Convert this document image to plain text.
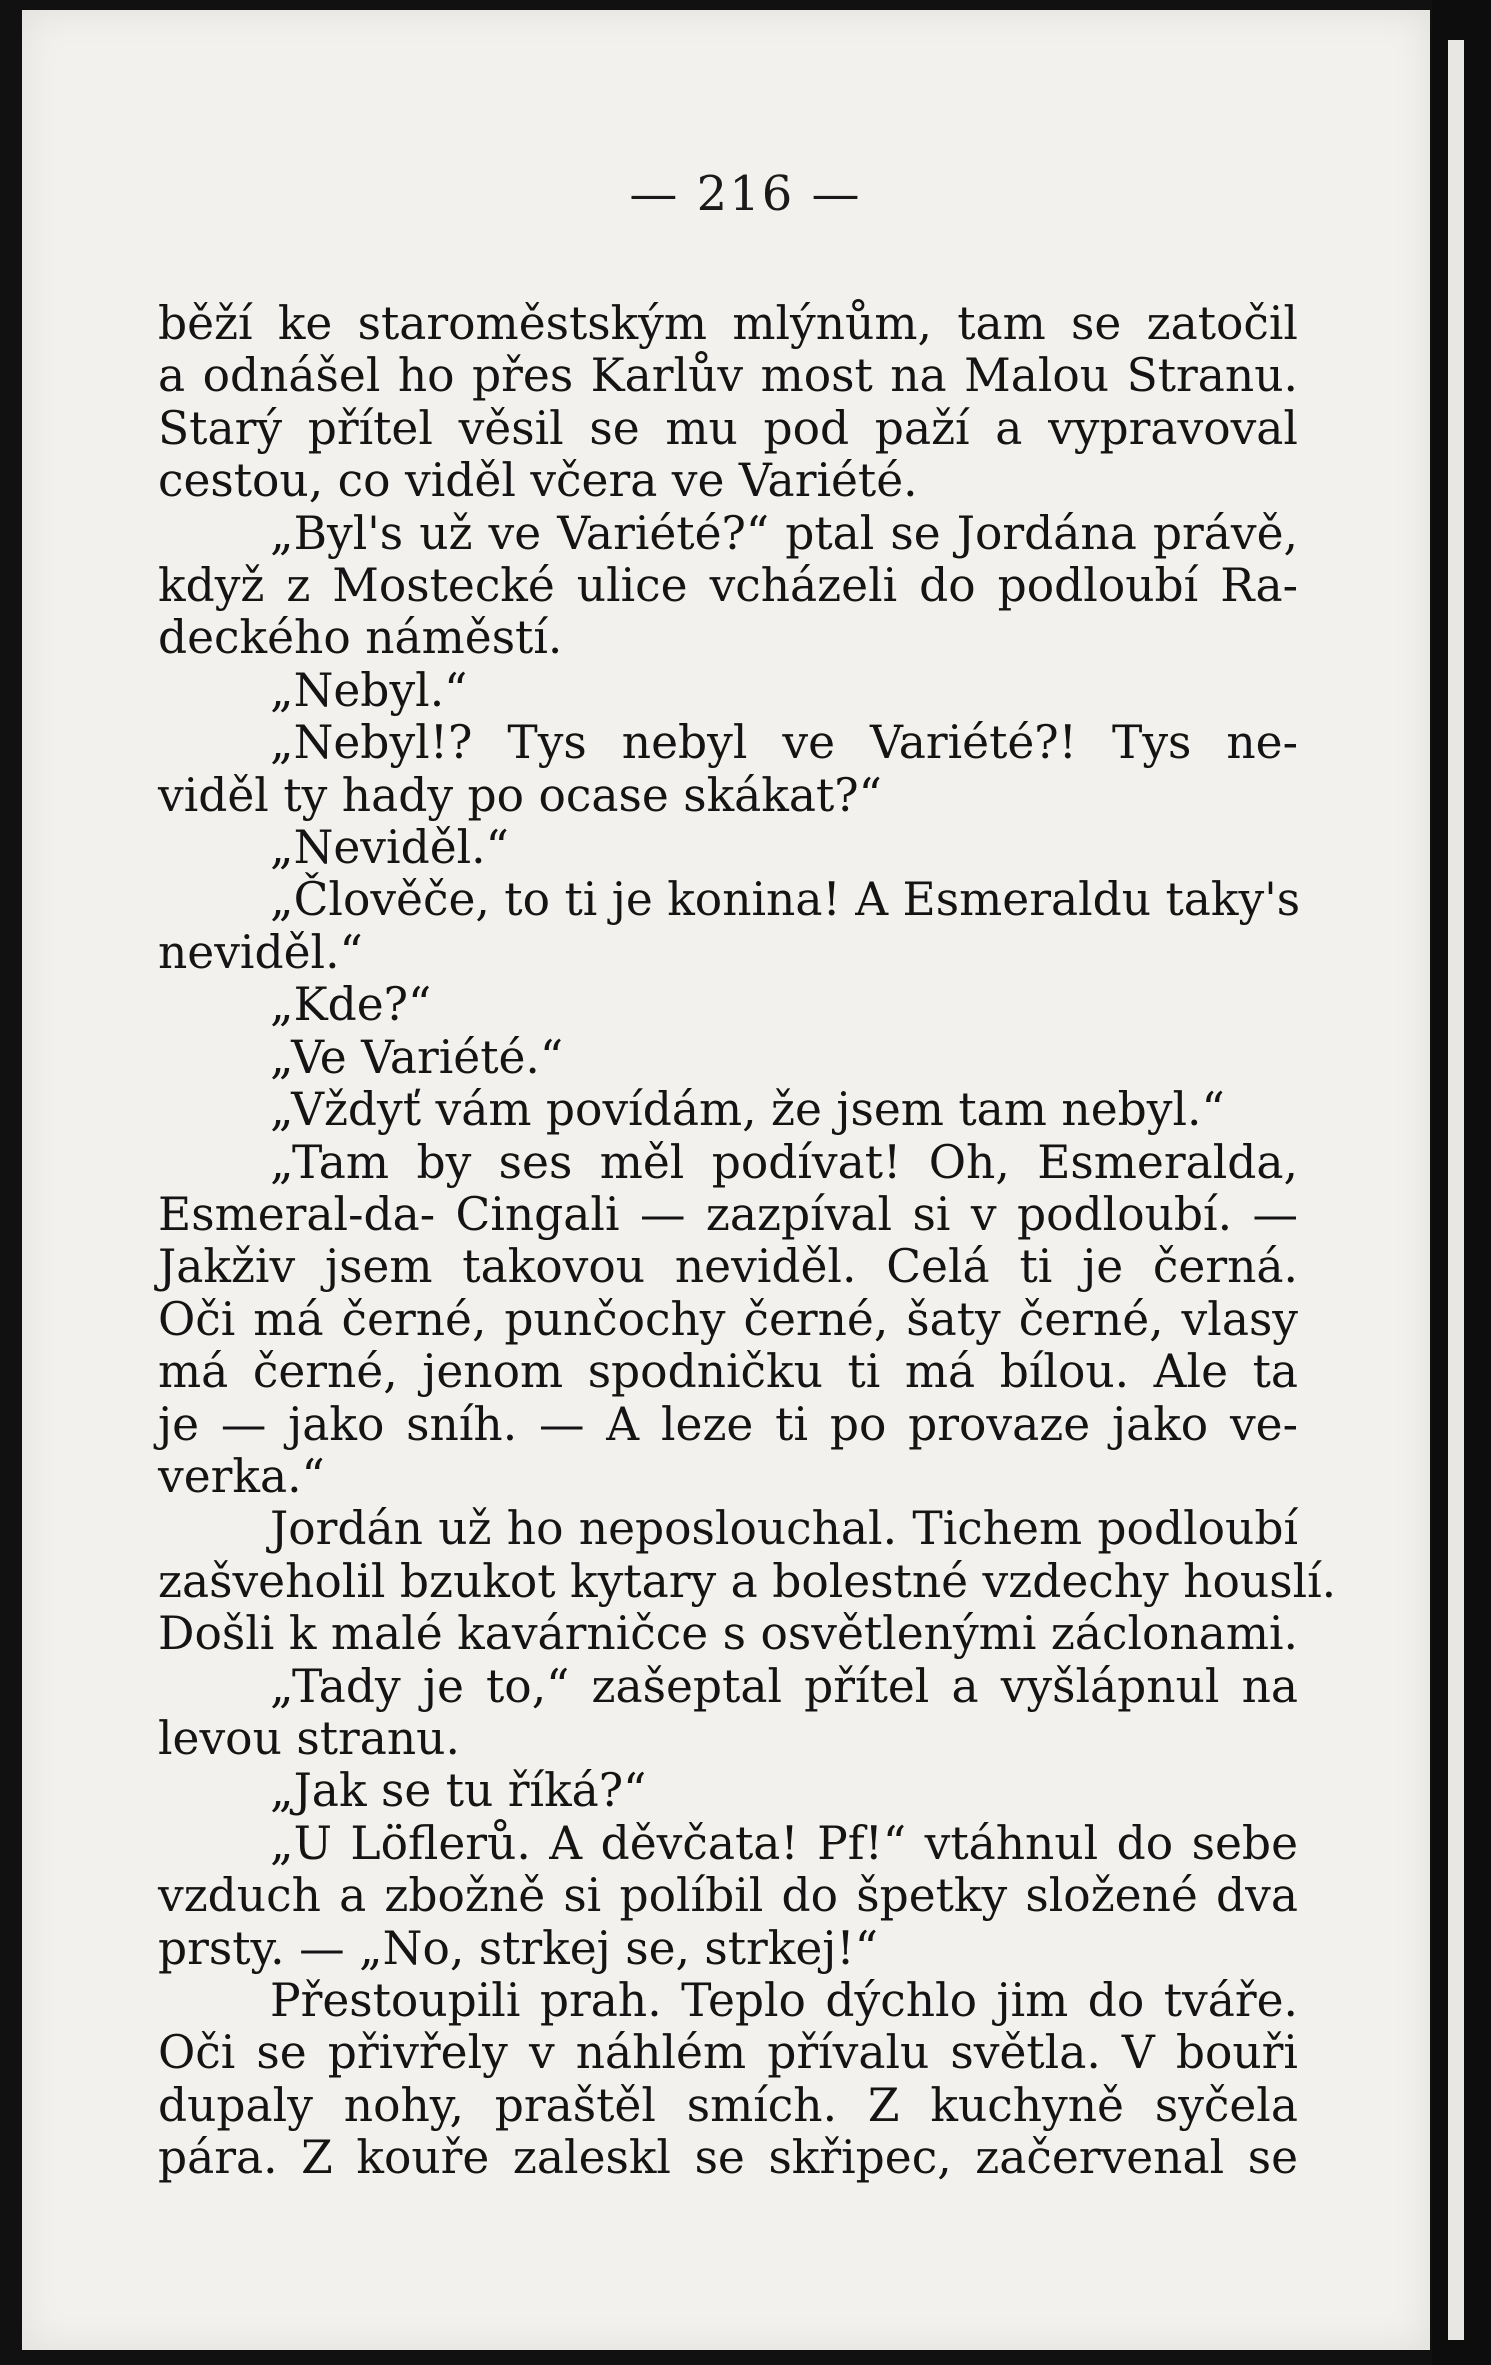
— 216 —
běží ke staroměstským mlýnům, tam se zatočil
a odnášel ho přes Karlův most na Malou Stranu.
Starý přítel věsil se mu pod paží a vypravoval
cestou, co viděl včera ve Variété.
„Byl's už ve Variété?“ ptal se Jordána právě,
když z Mostecké ulice vcházeli do podloubí Ra-
deckého náměstí.
„Nebyl.“
„Nebyl!? Tys nebyl ve Variété?! Tys ne-
viděl ty hady po ocase skákat?“
„Neviděl.“
„Člověče, to ti je konina! A Esmeraldu taky's
neviděl.“
„Kde?“
„Ve Variété.“
„Vždyť vám povídám, že jsem tam nebyl.“
„Tam by ses měl podívat! Oh, Esmeralda,
Esmeral-da- Cingali — zazpíval si v podloubí. —
Jakživ jsem takovou neviděl. Celá ti je černá.
Oči má černé, punčochy černé, šaty černé, vlasy
má černé, jenom spodničku ti má bílou. Ale ta
je — jako sníh. — A leze ti po provaze jako ve-
verka.“
Jordán už ho neposlouchal. Tichem podloubí
zašveholil bzukot kytary a bolestné vzdechy houslí.
Došli k malé kavárničce s osvětlenými záclonami.
„Tady je to,“ zašeptal přítel a vyšlápnul na
levou stranu.
„Jak se tu říká?“
„U Löflerů. A děvčata! Pf!“ vtáhnul do sebe
vzduch a zbožně si políbil do špetky složené dva
prsty. — „No, strkej se, strkej!“
Přestoupili prah. Teplo dýchlo jim do tváře.
Oči se přivřely v náhlém přívalu světla. V bouři
dupaly nohy, praštěl smích. Z kuchyně syčela
pára. Z kouře zaleskl se skřipec, začervenal se
